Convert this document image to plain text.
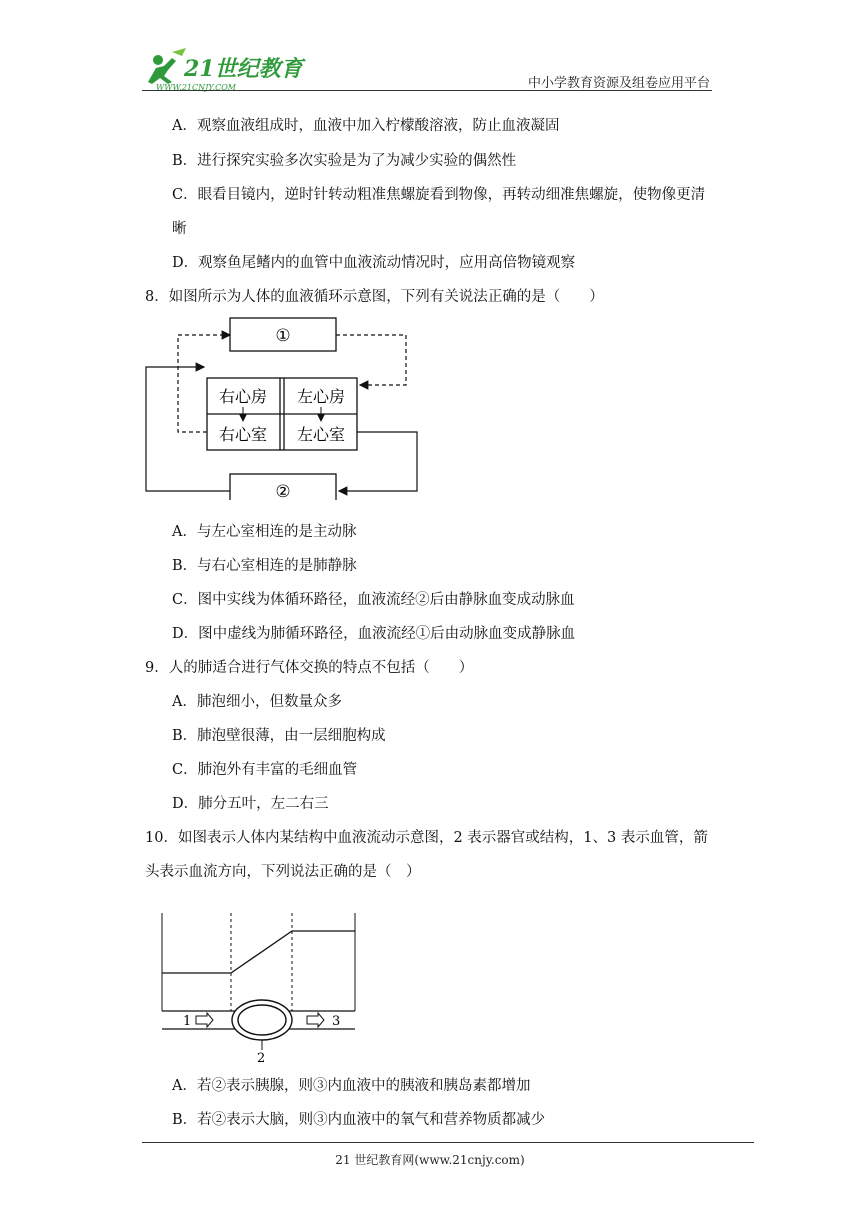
21世纪教育
WWW.21CNJY.COM	中小学教育资源及组卷应用平台
A．观察血液组成时，血液中加入柠檬酸溶液，防止血液凝固
B．进行探究实验多次实验是为了为减少实验的偶然性
C．眼看目镜内，逆时针转动粗准焦螺旋看到物像，再转动细准焦螺旋，使物像更清
晰
D．观察鱼尾鳍内的血管中血液流动情况时，应用高倍物镜观察
8．如图所示为人体的血液循环示意图，下列有关说法正确的是（　　）
①
右心房 左心房
右心室 左心室
②
A．与左心室相连的是主动脉
B．与右心室相连的是肺静脉
C．图中实线为体循环路径，血液流经②后由静脉血变成动脉血
D．图中虚线为肺循环路径，血液流经①后由动脉血变成静脉血
9．人的肺适合进行气体交换的特点不包括（　　）
A．肺泡细小，但数量众多
B．肺泡壁很薄，由一层细胞构成
C．肺泡外有丰富的毛细血管
D．肺分五叶，左二右三
10．如图表示人体内某结构中血液流动示意图，2 表示器官或结构，1、3 表示血管，箭
头表示血流方向，下列说法正确的是（　）
1	3
2
A．若②表示胰腺，则③内血液中的胰液和胰岛素都增加
B．若②表示大脑，则③内血液中的氧气和营养物质都减少
21 世纪教育网(www.21cnjy.com)
